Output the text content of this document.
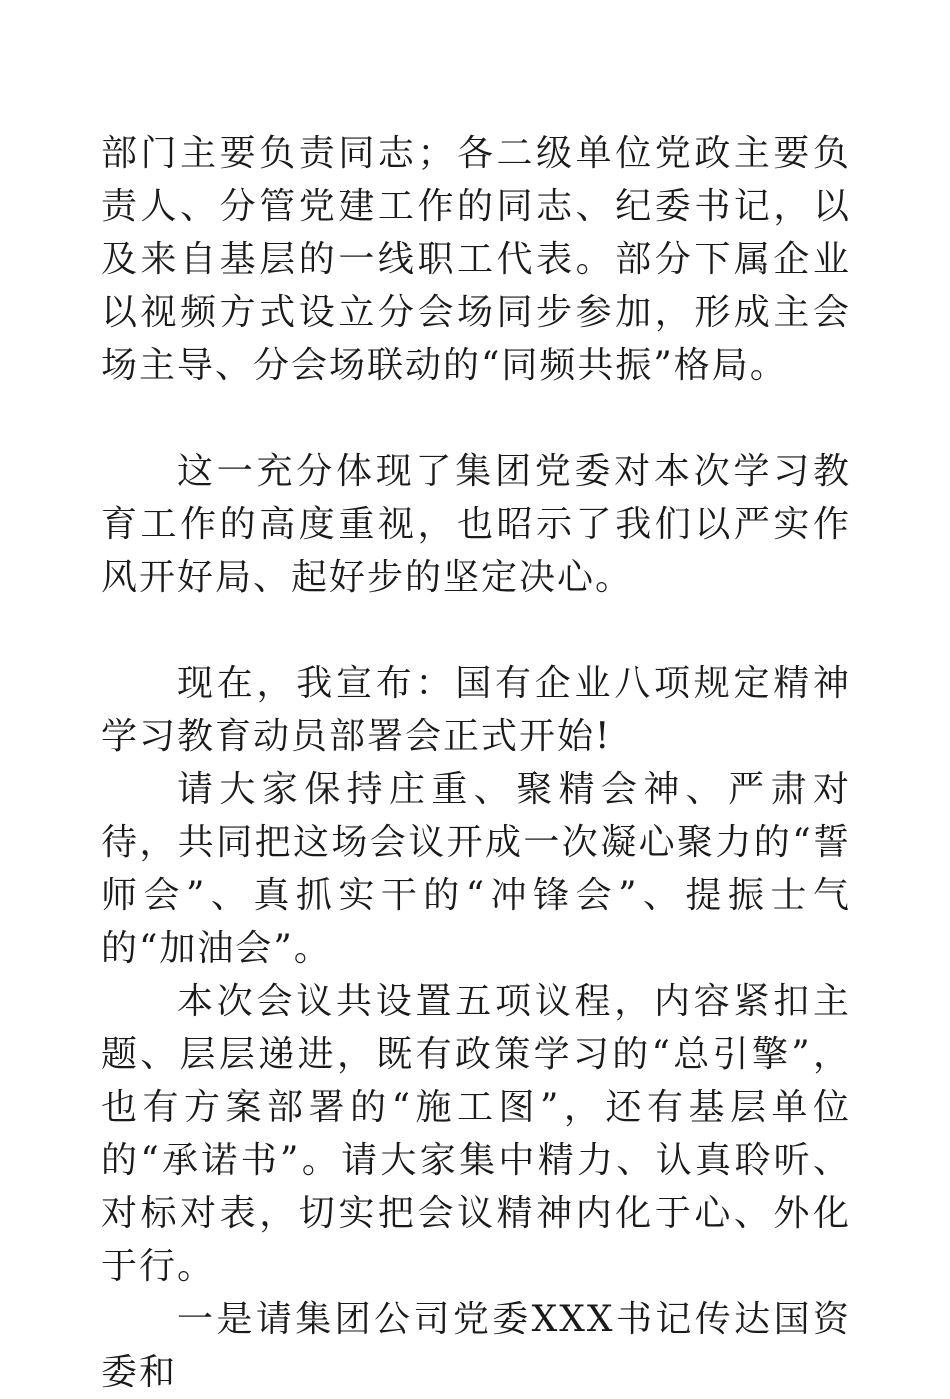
部门主要负责同志；各二级单位党政主要负责人、分管党建工作的同志、纪委书记，以及来自基层的一线职工代表。部分下属企业以视频方式设立分会场同步参加，形成主会场主导、分会场联动的“同频共振”格局。

这一充分体现了集团党委对本次学习教育工作的高度重视，也昭示了我们以严实作风开好局、起好步的坚定决心。

现在，我宣布：国有企业八项规定精神学习教育动员部署会正式开始!

请大家保持庄重、聚精会神、严肃对待，共同把这场会议开成一次凝心聚力的“誓师会”、真抓实干的“冲锋会”、提振士气的“加油会”。

本次会议共设置五项议程，内容紧扣主题、层层递进，既有政策学习的“总引擎”，也有方案部署的“施工图”，还有基层单位的“承诺书”。请大家集中精力、认真聆听、对标对表，切实把会议精神内化于心、外化于行。

一是请集团公司党委XXX书记传达国资委和
